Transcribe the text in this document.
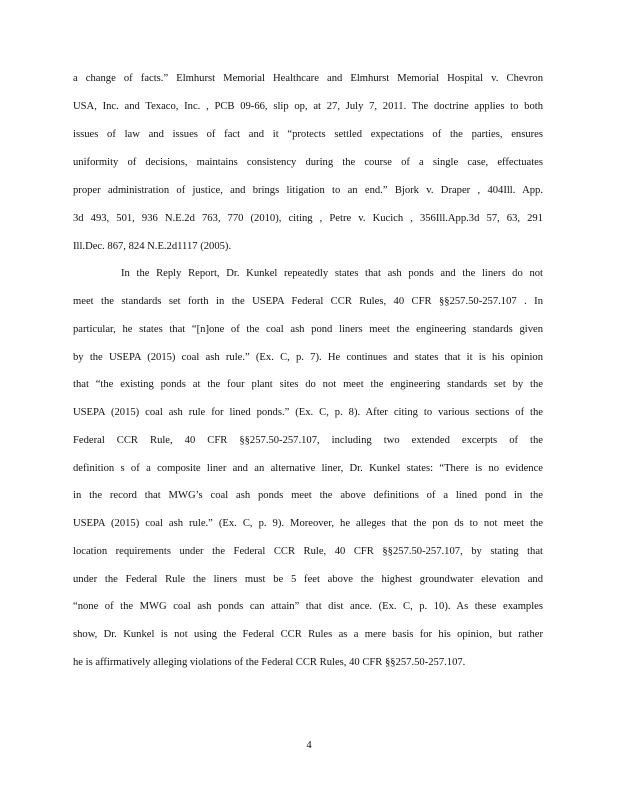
a change of facts.” Elmhurst Memorial Healthcare and Elmhurst Memorial Hospital v. Chevron
USA, Inc. and Texaco, Inc. , PCB 09-66, slip op, at 27, July 7, 2011. The doctrine applies to both
issues of law and issues of fact and it “protects settled expectations of the parties, ensures
uniformity of decisions, maintains consistency during the course of a single case, effectuates
proper administration of justice, and brings litigation to an end.” Bjork v. Draper , 404Ill. App.
3d 493, 501, 936 N.E.2d 763, 770 (2010), citing , Petre v. Kucich , 356Ill.App.3d 57, 63, 291
Ill.Dec. 867, 824 N.E.2d1117 (2005).
In the Reply Report, Dr. Kunkel repeatedly states that ash ponds and the liners do not
meet the standards set forth in the USEPA Federal CCR Rules, 40 CFR §§257.50-257.107 . In
particular, he states that “[n]one of the coal ash pond liners meet the engineering standards given
by the USEPA (2015) coal ash rule.” (Ex. C, p. 7). He continues and states that it is his opinion
that “the existing ponds at the four plant sites do not meet the engineering standards set by the
USEPA (2015) coal ash rule for lined ponds.” (Ex. C, p. 8). After citing to various sections of the
Federal CCR Rule, 40 CFR §§257.50-257.107, including two extended excerpts of the
definition s of a composite liner and an alternative liner, Dr. Kunkel states: “There is no evidence
in the record that MWG’s coal ash ponds meet the above definitions of a lined pond in the
USEPA (2015) coal ash rule.” (Ex. C, p. 9). Moreover, he alleges that the pon ds to not meet the
location requirements under the Federal CCR Rule, 40 CFR §§257.50-257.107, by stating that
under the Federal Rule the liners must be 5 feet above the highest groundwater elevation and
“none of the MWG coal ash ponds can attain” that dist ance. (Ex. C, p. 10). As these examples
show, Dr. Kunkel is not using the Federal CCR Rules as a mere basis for his opinion, but rather
he is affirmatively alleging violations of the Federal CCR Rules, 40 CFR §§257.50-257.107.
4
